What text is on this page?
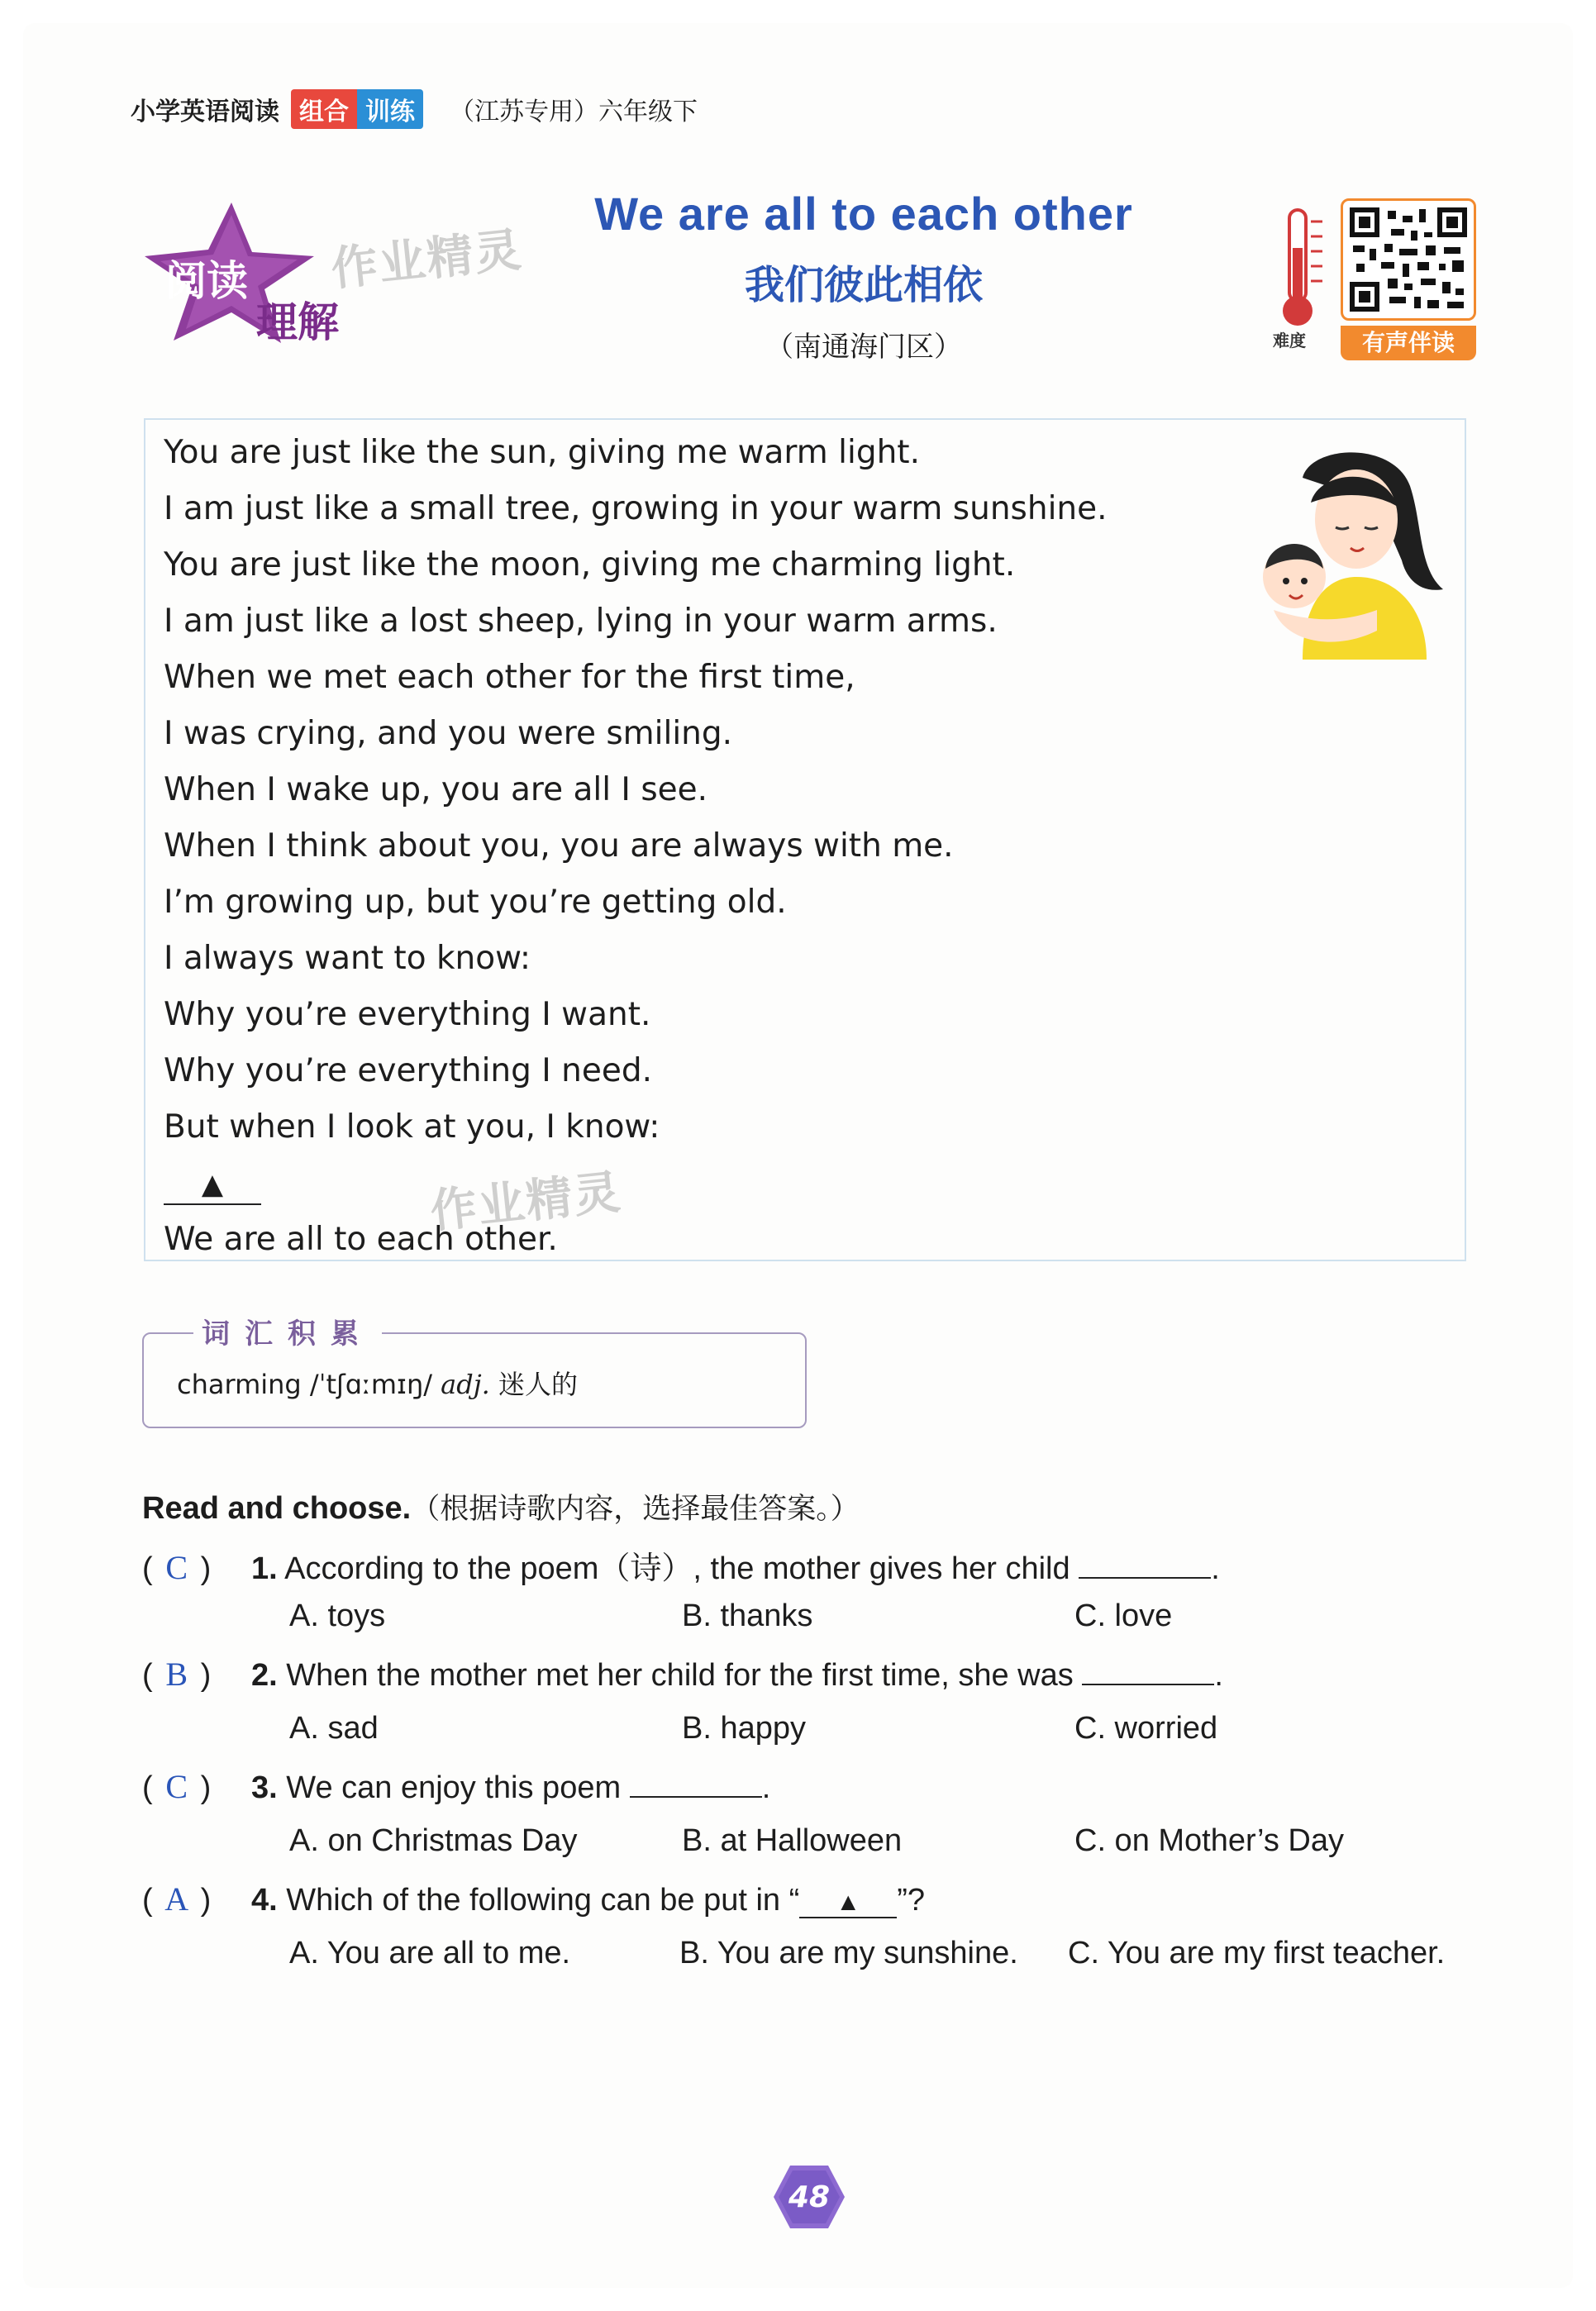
小学英语阅读 组合 训练	（江苏专用）六年级下
阅读
理解
作业精灵
We are all to each other
我们彼此相依
（南通海门区）	难度	有声伴读
You are just like the sun, giving me warm light.
I am just like a small tree, growing in your warm sunshine.
You are just like the moon, giving me charming light.
I am just like a lost sheep, lying in your warm arms.
When we met each other for the first time,
I was crying, and you were smiling.
When I wake up, you are all I see.
When I think about you, you are always with me.
I’m growing up, but you’re getting old.
I always want to know:
Why you’re everything I want.
Why you’re everything I need.
But when I look at you, I know:
▲
We are all to each other.
作业精灵
词汇积累
charming /ˈtʃɑːmɪŋ/ adj. 迷人的
Read and choose.（根据诗歌内容，选择最佳答案。）
( C ) 1. According to the poem（诗）, the mother gives her child	.
A. toys	B. thanks	C. love
( B ) 2. When the mother met her child for the first time, she was	.
A. sad	B. happy	C. worried
( C ) 3. We can enjoy this poem	.
A. on Christmas Day	B. at Halloween	C. on Mother’s Day
( A ) 4. Which of the following can be put in “ ▲ ”?
A. You are all to me.	B. You are my sunshine. C. You are my first teacher.
48
